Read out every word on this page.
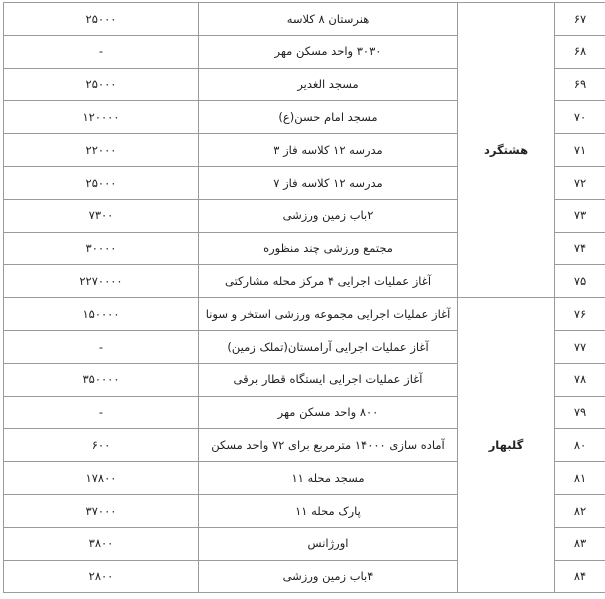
۶۷	هشتگرد	هنرستان ۸ کلاسه	۲۵۰۰۰
۶۸		۳۰۳۰ واحد مسکن مهر	-
۶۹		مسجد الغدیر	۲۵۰۰۰
۷۰		مسجد امام حسن(ع)	۱۲۰۰۰۰
۷۱		مدرسه ۱۲ کلاسه فاز ۳	۲۲۰۰۰
۷۲		مدرسه ۱۲ کلاسه فاز ۷	۲۵۰۰۰
۷۳		۲باب زمین ورزشی	۷۳۰۰
۷۴		مجتمع ورزشی چند منظوره	۳۰۰۰۰
۷۵		آغاز عملیات اجرایی ۴ مرکز محله مشارکتی	۲۲۷۰۰۰۰
۷۶	گلبهار	آغاز عملیات اجرایی مجموعه ورزشی استخر و سونا	۱۵۰۰۰۰
۷۷		آغاز عملیات اجرایی آرامستان(تملک زمین)	-
۷۸		آغاز عملیات اجرایی ایستگاه قطار برقی	۳۵۰۰۰۰
۷۹		۸۰۰ واحد مسکن مهر	-
۸۰		آماده سازی ۱۴۰۰۰ مترمربع برای ۷۲ واحد مسکن	۶۰۰
۸۱		مسجد محله ۱۱	۱۷۸۰۰
۸۲		پارک محله ۱۱	۳۷۰۰۰
۸۳		اورژانس	۳۸۰۰
۸۴		۴باب زمین ورزشی	۲۸۰۰
